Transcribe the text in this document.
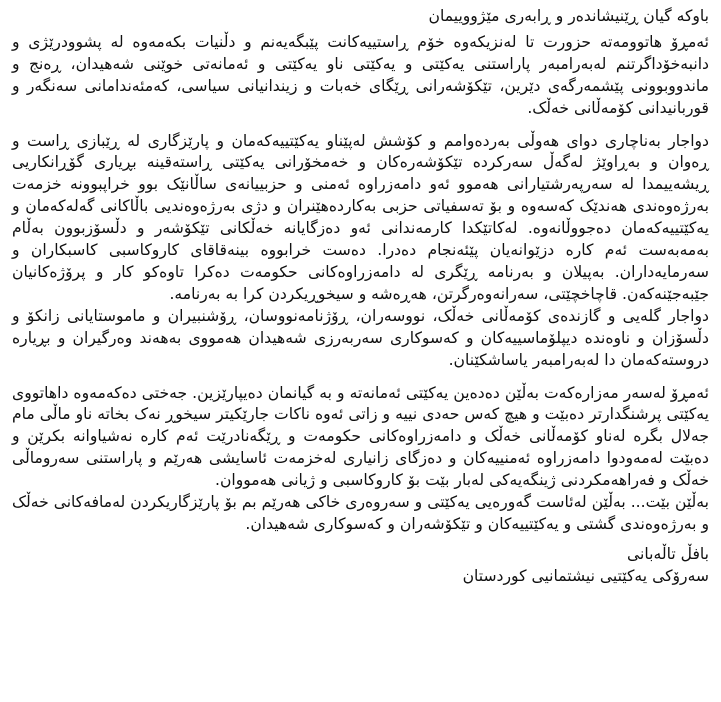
باوکە گیان ڕێنیشاندەر و ڕابەری مێژووییمان

ئەمڕۆ هاتوومەتە حزورت تا لەنزیکەوە خۆم ڕاستییەکانت پێبگەیەنم و دڵنیات بکەمەوە لە پشوودرێژی و دانبەخۆداگرتنم لەبەرامبەر پاراستنی یەکێتی و یەکێتی ناو یەکێتی و ئەمانەتی خوێنی شەهیدان، ڕەنج و ماندووبوونی پێشمەرگەی دێرین، تێکۆشەرانی ڕێگای خەبات و زیندانیانی سیاسی، کەمئەندامانی سەنگەر و قوربانیدانی کۆمەڵانی خەڵک.

دواجار بەناچاری دوای هەوڵی بەردەوامم و کۆشش لەپێناو یەکێتییەکەمان و پارێزگاری لە ڕێبازی ڕاست و ڕەوان و بەڕاوێژ لەگەڵ سەرکردە تێکۆشەرەکان و خەمخۆرانی یەکێتی ڕاستەقینە بڕیاری گۆڕانکاریی ڕیشەییمدا لە سەرپەرشتیارانی هەموو ئەو دامەزراوە ئەمنی و حزبییانەی ساڵانێک بوو خراپبوونە خزمەت بەرژەوەندی هەندێک کەسەوە و بۆ تەسفیاتی حزبی بەکاردەهێنران و دژی بەرژەوەندیی باڵاکانی گەلەکەمان و یەکێتییەکەمان دەجووڵانەوە. لەکاتێکدا کارمەندانی ئەو دەزگایانە خەڵکانی تێکۆشەر و دڵسۆزبوون بەڵام بەمەبەست ئەم کارە دزێوانەیان پێئەنجام دەدرا. دەست خرابووە بینەقاقای کاروکاسبی کاسبکاران و سەرمایەداران. بەپیلان و بەرنامە ڕێگری لە دامەزراوەکانی حکومەت دەکرا تاوەکو کار و پرۆژەکانیان جێبەجێنەکەن. قاچاخچێتی، سەرانەوەرگرتن، هەڕەشە و سیخوڕیکردن کرا بە بەرنامە.

دواجار گلەیی و گازندەی کۆمەڵانی خەڵک، نووسەران، ڕۆژنامەنووسان، ڕۆشنبیران و ماموستایانی زانکۆ و دڵسۆزان و ناوەندە دیپلۆماسییەکان و کەسوکاری سەربەرزی شەهیدان هەمووی بەهەند وەرگیران و بڕیارە دروستەکەمان دا لەبەرامبەر یاساشکێنان.

ئەمڕۆ لەسەر مەزارەکەت بەڵێن دەدەین یەکێتی ئەمانەتە و بە گیانمان دەیپارێزین. جەختی دەکەمەوە داهاتووی یەکێتی پرشنگدارتر دەبێت و هیچ کەس حەدی نییە و زاتی ئەوە ناکات جارێکیتر سیخوڕ نەک بخاتە ناو ماڵی مام جەلال بگرە لەناو کۆمەڵانی خەڵک و دامەزراوەکانی حکومەت و ڕێگەنادرێت ئەم کارە نەشیاوانە بکرێن و دەبێت لەمەودوا دامەزراوە ئەمنییەکان و دەزگای زانیاری لەخزمەت ئاسایشی هەرێم و پاراستنی سەروماڵی خەڵک و فەراهەمکردنی ژینگەیەکی لەبار بێت بۆ کاروکاسبی و ژیانی هەمووان.

بەڵێن بێت... بەڵێن لەئاست گەورەیی یەکێتی و سەروەری خاکی هەرێم بم بۆ پارێزگاریکردن لەمافەکانی خەڵک و بەرژەوەندی گشتی و یەکێتییەکان و تێکۆشەران و کەسوکاری شەهیدان.

بافڵ تاڵەبانی

سەرۆکی یەکێتیی نیشتمانیی کوردستان
